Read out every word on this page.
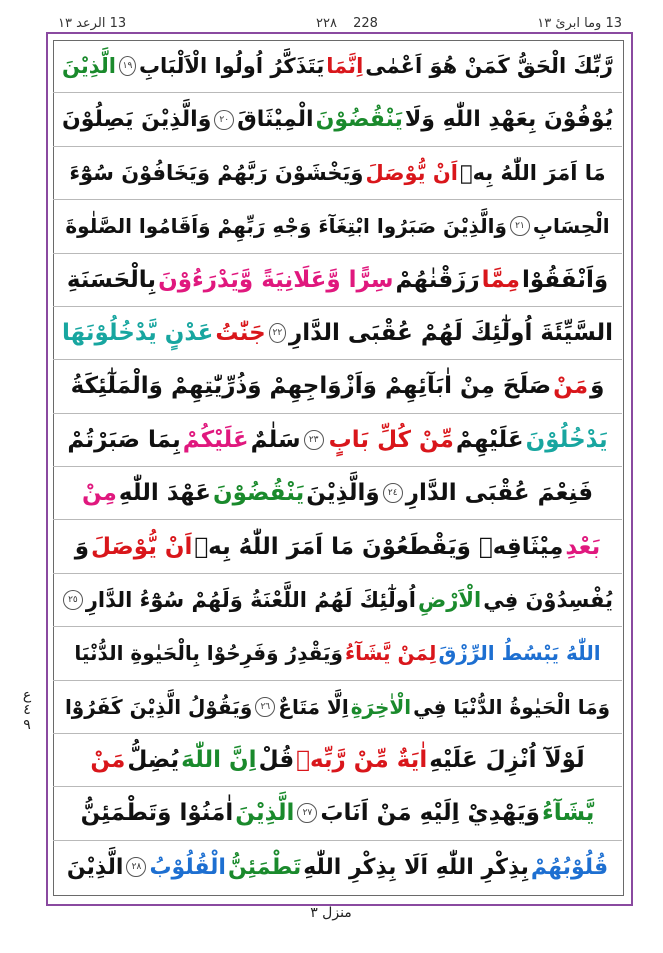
13 الرعد ١٣	٢٢٨ 228	13 وما ابرئ ١٣
رَّبِّكَ الْحَقُّ كَمَنْ هُوَ اَعْمٰى
اِنَّمَا
يَتَذَكَّرُ اُولُوا الْاَلْبَابِ
١٩
الَّذِيْنَ
يُوْفُوْنَ بِعَهْدِ اللّٰهِ وَلَا
يَنْقُضُوْنَ
الْمِيْثَاقَ
٢٠
وَالَّذِيْنَ يَصِلُوْنَ
مَا اَمَرَ اللّٰهُ بِهٖ
اَنْ يُّوْصَلَ
وَيَخْشَوْنَ رَبَّهُمْ وَيَخَافُوْنَ سُوْٓءَ
الْحِسَابِ
٢١
وَالَّذِيْنَ صَبَرُوا ابْتِغَآءَ وَجْهِ رَبِّهِمْ وَاَقَامُوا الصَّلٰوةَ
وَاَنْفَقُوْا
مِمَّا
رَزَقْنٰهُمْ
سِرًّا وَّعَلَانِيَةً وَّيَدْرَءُوْنَ
بِالْحَسَنَةِ
السَّيِّئَةَ اُولٰٓئِكَ لَهُمْ عُقْبَى الدَّارِ
٢٢
جَنّٰتُ
عَدْنٍ يَّدْخُلُوْنَهَا
وَ
مَنْ
صَلَحَ مِنْ اٰبَآئِهِمْ وَاَزْوَاجِهِمْ وَذُرِّيّٰتِهِمْ وَالْمَلٰٓئِكَةُ
يَدْخُلُوْنَ
عَلَيْهِمْ
مِّنْ كُلِّ بَابٍ
٢٣
سَلٰمٌ
عَلَيْكُمْ
بِمَا صَبَرْتُمْ
فَنِعْمَ عُقْبَى الدَّارِ
٢٤
وَالَّذِيْنَ
يَنْقُضُوْنَ
عَهْدَ اللّٰهِ
مِنْ
بَعْدِ
مِيْثَاقِهٖ وَيَقْطَعُوْنَ مَا اَمَرَ اللّٰهُ بِهٖ
اَنْ يُّوْصَلَ
وَ
يُفْسِدُوْنَ فِي
الْاَرْضِ
اُولٰٓئِكَ لَهُمُ اللَّعْنَةُ وَلَهُمْ سُوْٓءُ الدَّارِ
٢٥
اللّٰهُ يَبْسُطُ الرِّزْقَ
لِمَنْ يَّشَآءُ
وَيَقْدِرُ وَفَرِحُوْا بِالْحَيٰوةِ الدُّنْيَا
وَمَا الْحَيٰوةُ الدُّنْيَا فِي
الْاٰخِرَةِ
اِلَّا مَتَاعٌ
٢٦
وَيَقُوْلُ الَّذِيْنَ كَفَرُوْا
لَوْلَآ اُنْزِلَ عَلَيْهِ
اٰيَةٌ مِّنْ رَّبِّهٖ
قُلْ
اِنَّ اللّٰهَ
يُضِلُّ
مَنْ
يَّشَآءُ
وَيَهْدِيْ اِلَيْهِ مَنْ اَنَابَ
٢٧
الَّذِيْنَ
اٰمَنُوْا وَتَطْمَئِنُّ
قُلُوْبُهُمْ
بِذِكْرِ اللّٰهِ اَلَا بِذِكْرِ اللّٰهِ
تَطْمَئِنُّ
الْقُلُوْبُ
٢٨
الَّذِيْنَ
ع
٤
٩
منزل ٣
